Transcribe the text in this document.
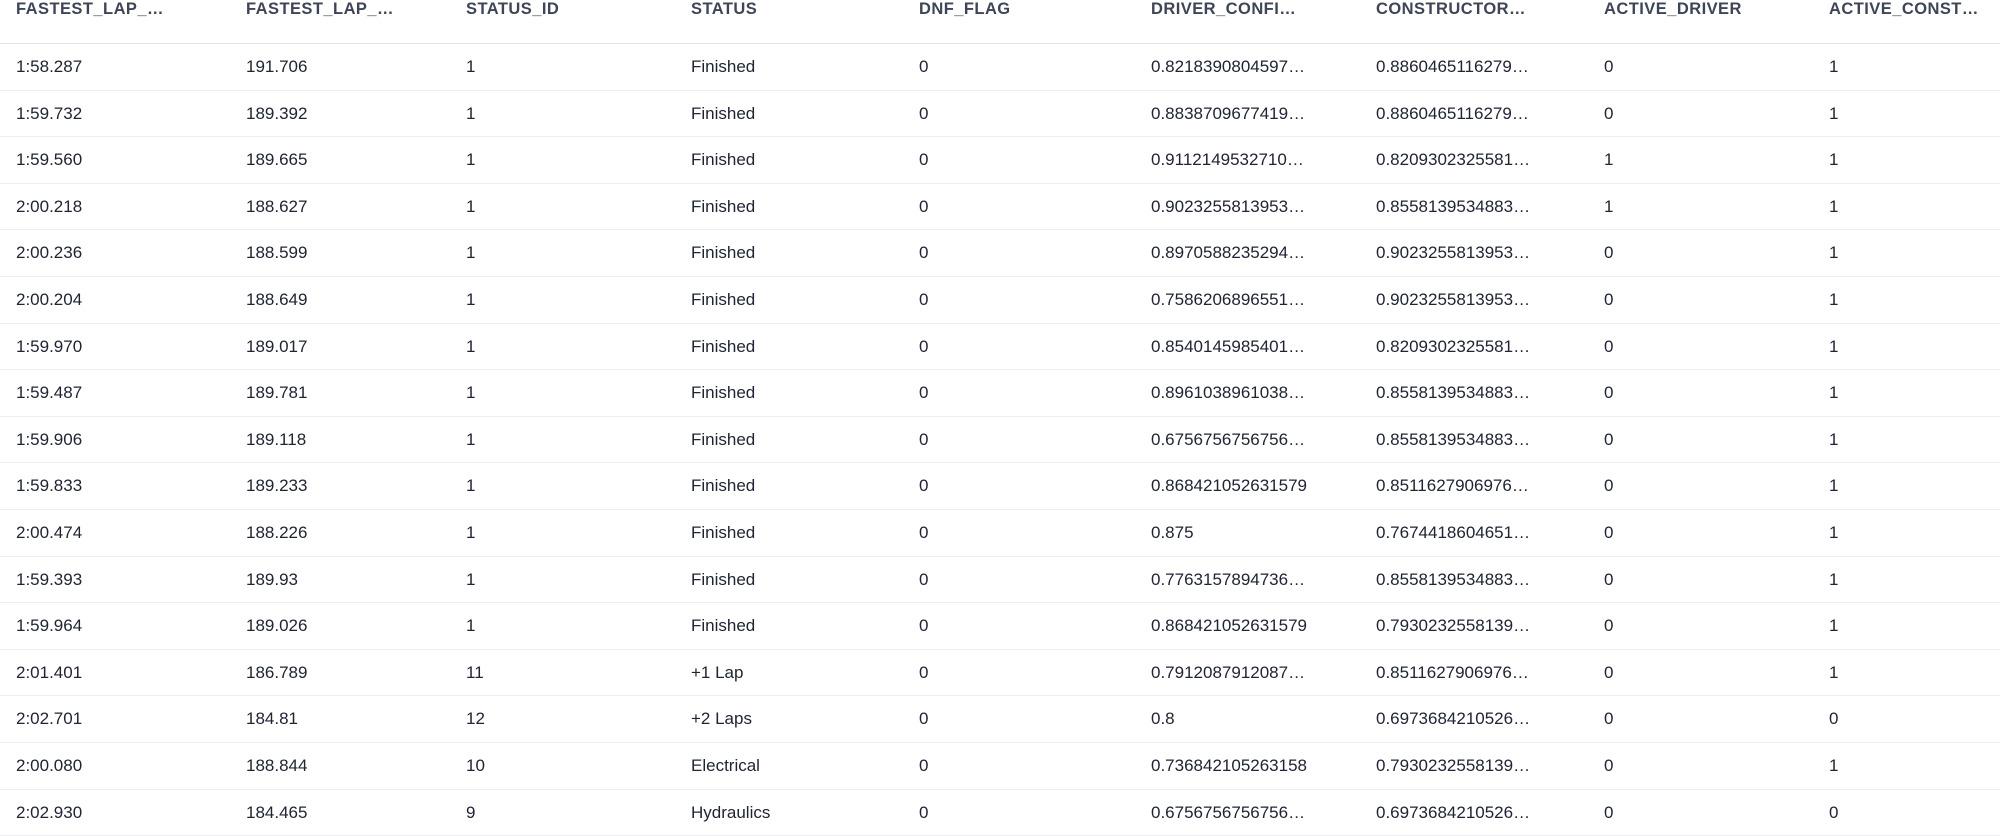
FASTEST_LAP_…	FASTEST_LAP_…	STATUS_ID	STATUS	DNF_FLAG	DRIVER_CONFI…	CONSTRUCTOR…	ACTIVE_DRIVER	ACTIVE_CONST…
1:58.287	191.706	1	Finished	0	0.8218390804597…	0.8860465116279…	0	1
1:59.732	189.392	1	Finished	0	0.8838709677419…	0.8860465116279…	0	1
1:59.560	189.665	1	Finished	0	0.9112149532710…	0.8209302325581…	1	1
2:00.218	188.627	1	Finished	0	0.9023255813953…	0.8558139534883…	1	1
2:00.236	188.599	1	Finished	0	0.8970588235294…	0.9023255813953…	0	1
2:00.204	188.649	1	Finished	0	0.7586206896551…	0.9023255813953…	0	1
1:59.970	189.017	1	Finished	0	0.8540145985401…	0.8209302325581…	0	1
1:59.487	189.781	1	Finished	0	0.8961038961038…	0.8558139534883…	0	1
1:59.906	189.118	1	Finished	0	0.6756756756756…	0.8558139534883…	0	1
1:59.833	189.233	1	Finished	0	0.868421052631579	0.8511627906976…	0	1
2:00.474	188.226	1	Finished	0	0.875	0.7674418604651…	0	1
1:59.393	189.93	1	Finished	0	0.7763157894736…	0.8558139534883…	0	1
1:59.964	189.026	1	Finished	0	0.868421052631579	0.7930232558139…	0	1
2:01.401	186.789	11	+1 Lap	0	0.7912087912087…	0.8511627906976…	0	1
2:02.701	184.81	12	+2 Laps	0	0.8	0.6973684210526…	0	0
2:00.080	188.844	10	Electrical	0	0.736842105263158	0.7930232558139…	0	1
2:02.930	184.465	9	Hydraulics	0	0.6756756756756…	0.6973684210526…	0	0
